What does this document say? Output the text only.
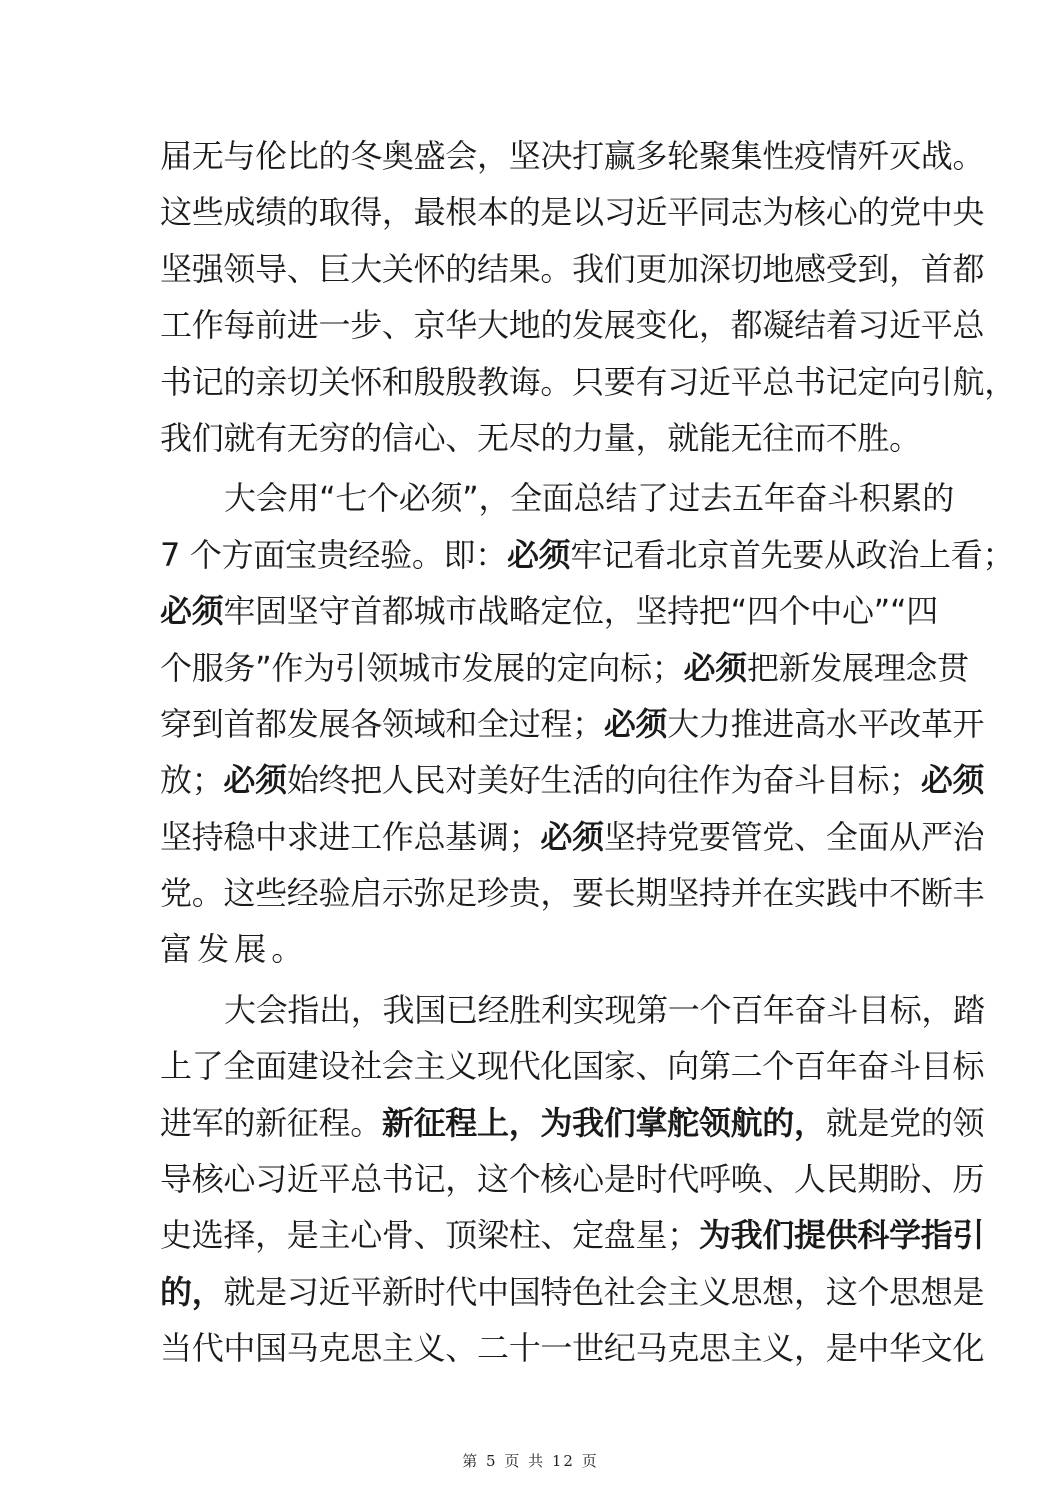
届无与伦比的冬奥盛会，坚决打赢多轮聚集性疫情歼灭战。
这些成绩的取得，最根本的是以习近平同志为核心的党中央
坚强领导、巨大关怀的结果。我们更加深切地感受到，首都
工作每前进一步、京华大地的发展变化，都凝结着习近平总
书记的亲切关怀和殷殷教诲。只要有习近平总书记定向引航，
我们就有无穷的信心、无尽的力量，就能无往而不胜。
大会用“七个必须”，全面总结了过去五年奋斗积累的
7 个方面宝贵经验。即：必须牢记看北京首先要从政治上看；
必须牢固坚守首都城市战略定位，坚持把“四个中心”“四
个服务”作为引领城市发展的定向标；必须把新发展理念贯
穿到首都发展各领域和全过程；必须大力推进高水平改革开
放；必须始终把人民对美好生活的向往作为奋斗目标；必须
坚持稳中求进工作总基调；必须坚持党要管党、全面从严治
党。这些经验启示弥足珍贵，要长期坚持并在实践中不断丰
富发展。
大会指出，我国已经胜利实现第一个百年奋斗目标，踏
上了全面建设社会主义现代化国家、向第二个百年奋斗目标
进军的新征程。新征程上，为我们掌舵领航的，就是党的领
导核心习近平总书记，这个核心是时代呼唤、人民期盼、历
史选择，是主心骨、顶梁柱、定盘星；为我们提供科学指引
的，就是习近平新时代中国特色社会主义思想，这个思想是
当代中国马克思主义、二十一世纪马克思主义，是中华文化
第 5 页 共 12 页
